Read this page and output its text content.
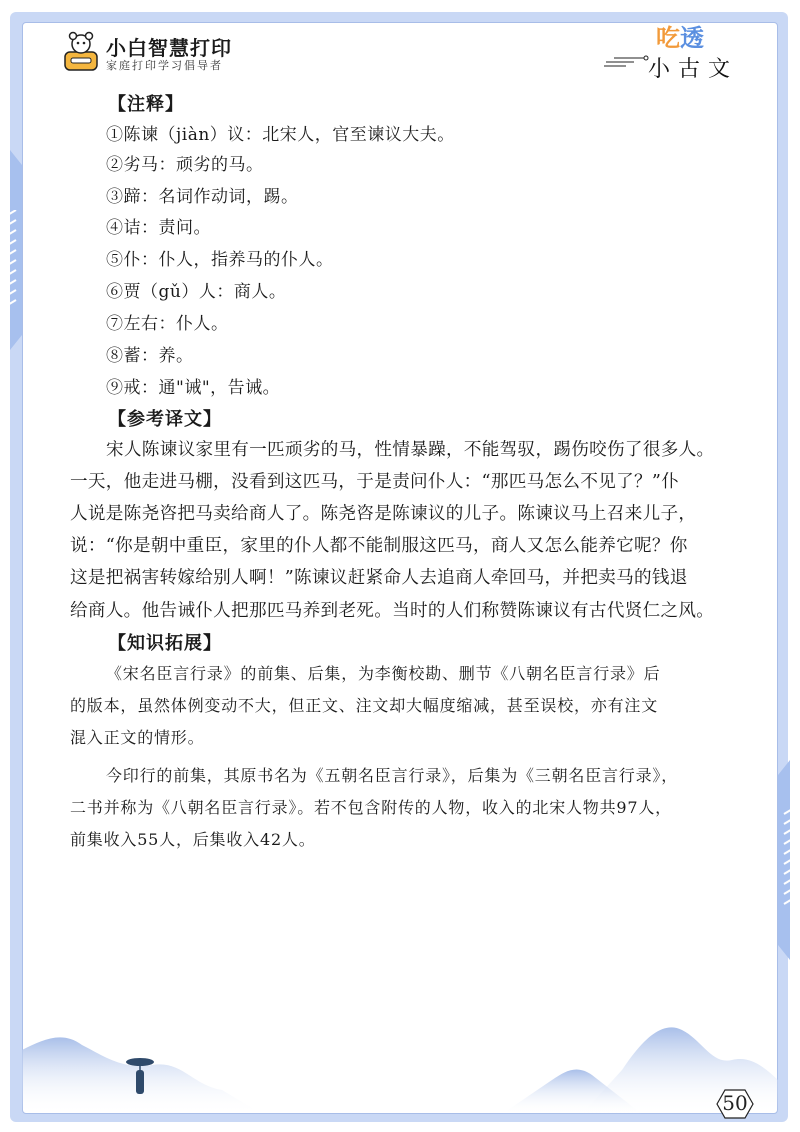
小白智慧打印
家庭打印学习倡导者
吃透
小古文
【注释】
①陈谏（jiàn）议：北宋人，官至谏议大夫。
②劣马：顽劣的马。
③蹄：名词作动词，踢。
④诘：责问。
⑤仆：仆人，指养马的仆人。
⑥贾（gǔ）人：商人。
⑦左右：仆人。
⑧蓄：养。
⑨戒：通"诫"，告诫。
【参考译文】
宋人陈谏议家里有一匹顽劣的马，性情暴躁，不能驾驭，踢伤咬伤了很多人。
一天，他走进马棚，没看到这匹马，于是责问仆人：“那匹马怎么不见了？”仆
人说是陈尧咨把马卖给商人了。陈尧咨是陈谏议的儿子。陈谏议马上召来儿子，
说：“你是朝中重臣，家里的仆人都不能制服这匹马，商人又怎么能养它呢？你
这是把祸害转嫁给别人啊！”陈谏议赶紧命人去追商人牵回马，并把卖马的钱退
给商人。他告诫仆人把那匹马养到老死。当时的人们称赞陈谏议有古代贤仁之风。
【知识拓展】
《宋名臣言行录》的前集、后集，为李衡校勘、删节《八朝名臣言行录》后
的版本，虽然体例变动不大，但正文、注文却大幅度缩减，甚至误校，亦有注文
混入正文的情形。
今印行的前集，其原书名为《五朝名臣言行录》，后集为《三朝名臣言行录》，
二书并称为《八朝名臣言行录》。若不包含附传的人物，收入的北宋人物共97人，
前集收入55人，后集收入42人。
50
